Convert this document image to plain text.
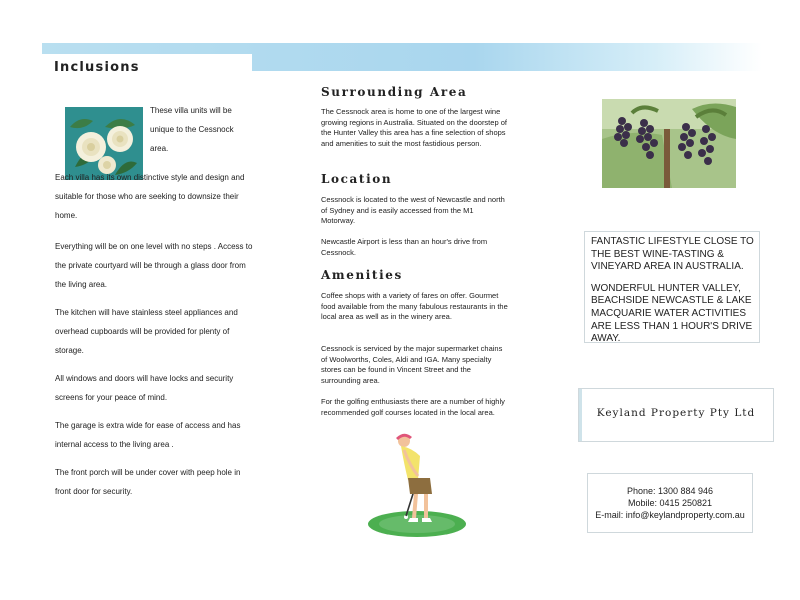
Inclusions

These villa units will be unique to the Cessnock area.

Each villa has its own distinctive style and design and suitable for those who are seeking to downsize their home.

Everything will be on one level with no steps . Access to the private courtyard will be through a glass door from the living area.

The kitchen will have stainless steel appliances and overhead cupboards will be provided for plenty of storage.

All windows and doors will have locks and security screens for your peace of mind.

The garage is extra wide for ease of access and has internal access to the living area .

The front porch will be under cover with peep hole in front door for security.

Surrounding Area

The Cessnock area is home to one of the largest wine growing regions in Australia. Situated on the doorstep of the Hunter Valley this area has a fine selection of shops and amenities to suit the most fastidious person.

Location

Cessnock is located to the west of Newcastle and north of Sydney and is easily accessed from the M1 Motorway.

Newcastle Airport is less than an hour's drive from Cessnock.

Amenities

Coffee shops with a variety of fares on offer. Gourmet food available from the many fabulous restaurants in the local area as well as in the winery area.

Cessnock is serviced by the major supermarket chains of Woolworths, Coles, Aldi and IGA. Many specialty stores can be found in Vincent Street and the surrounding area.

For the golfing enthusiasts there are a number of highly recommended golf courses located in the local area.

FANTASTIC LIFESTYLE CLOSE TO THE BEST WINE-TASTING & VINEYARD AREA IN AUSTRALIA.

WONDERFUL HUNTER VALLEY, BEACHSIDE NEWCASTLE & LAKE MACQUARIE WATER ACTIVITIES ARE LESS THAN 1 HOUR'S DRIVE AWAY.

Keyland Property Pty Ltd

Phone: 1300 884 946

Mobile: 0415 250821

E-mail: info@keylandproperty.com.au
